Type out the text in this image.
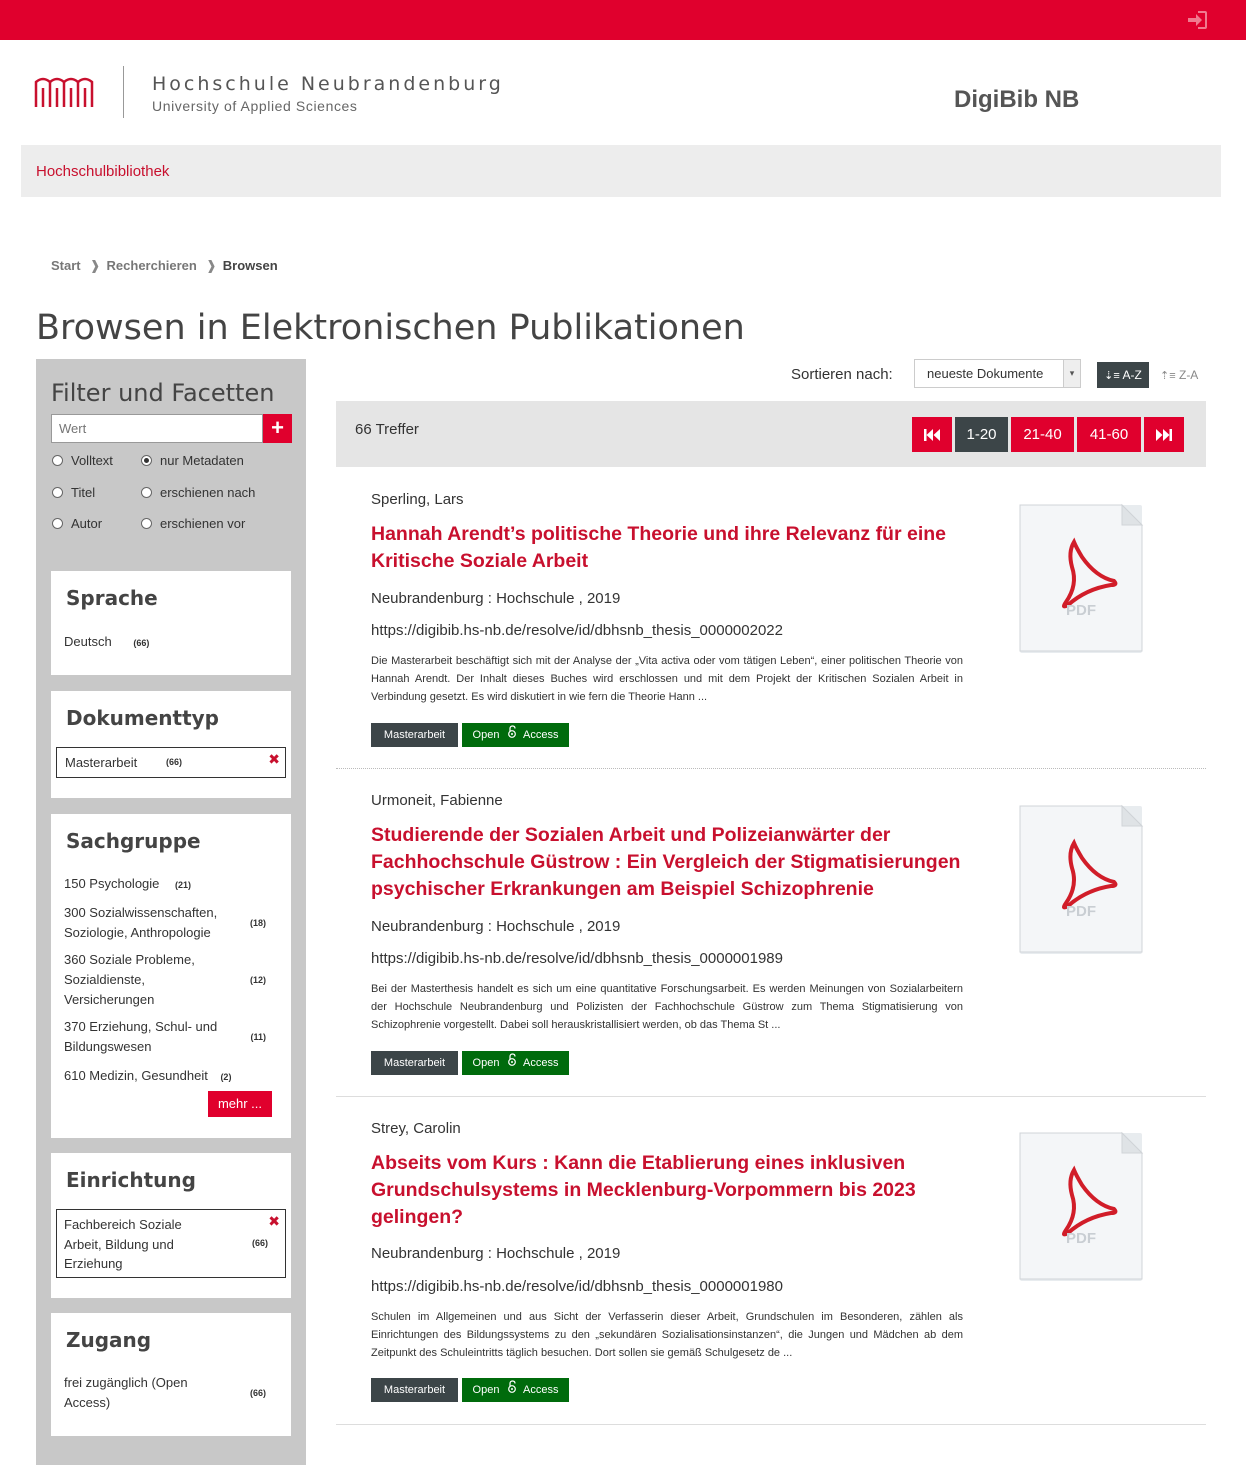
Hochschule Neubrandenburg
University of Applied Sciences	DigiBib NB
Hochschulbibliothek
Start ❱ Recherchieren ❱ Browsen
Browsen in Elektronischen Publikationen
Filter und Facetten
Wert
+
Volltext	nur Metadaten
Titel	erschienen nach
Autor	erschienen vor
Sprache
Deutsch (66)
Dokumenttyp
Masterarbeit	(66)	✖
Sachgruppe
150 Psychologie (21)
300 Sozialwissenschaften, Soziologie, Anthropologie
(18)
360 Soziale Probleme, Sozialdienste, Versicherungen
(12)
370 Erziehung, Schul- und Bildungswesen
(11)
610 Medizin, Gesundheit (2)
mehr ...
Einrichtung
Fachbereich Soziale Arbeit, Bildung und Erziehung
(66)
✖
Zugang
frei zugänglich (Open Access)
(66)
Sortieren nach:	neueste Dokumente	▾	⇣≡ A-Z	⇡≡ Z-A
66 Treffer	1-20	21-40	41-60
Sperling, Lars
Hannah Arendt’s politische Theorie und ihre Relevanz für eine Kritische Soziale Arbeit
Neubrandenburg : Hochschule , 2019
https://digibib.hs-nb.de/resolve/id/dbhsnb_thesis_0000002022
Die Masterarbeit beschäftigt sich mit der Analyse der „Vita activa oder vom tätigen Leben“, einer politischen Theorie von Hannah Arendt. Der Inhalt dieses Buches wird erschlossen und mit dem Projekt der Kritischen Sozialen Arbeit in Verbindung gesetzt. Es wird diskutiert in wie fern die Theorie Hann ...
Masterarbeit	Open Access
PDF
Urmoneit, Fabienne
Studierende der Sozialen Arbeit und Polizeianwärter der Fachhochschule Güstrow : Ein Vergleich der Stigmatisierungen psychischer Erkrankungen am Beispiel Schizophrenie
Neubrandenburg : Hochschule , 2019
https://digibib.hs-nb.de/resolve/id/dbhsnb_thesis_0000001989
Bei der Masterthesis handelt es sich um eine quantitative Forschungsarbeit. Es werden Meinungen von Sozialarbeitern der Hochschule Neubrandenburg und Polizisten der Fachhochschule Güstrow zum Thema Stigmatisierung von Schizophrenie vorgestellt. Dabei soll herauskristallisiert werden, ob das Thema St ...
Masterarbeit	Open Access
PDF
Strey, Carolin
Abseits vom Kurs : Kann die Etablierung eines inklusiven Grundschulsystems in Mecklenburg-Vorpommern bis 2023 gelingen?
Neubrandenburg : Hochschule , 2019
https://digibib.hs-nb.de/resolve/id/dbhsnb_thesis_0000001980
Schulen im Allgemeinen und aus Sicht der Verfasserin dieser Arbeit, Grundschulen im Besonderen, zählen als Einrichtungen des Bildungssystems zu den „sekundären Sozialisationsinstanzen“, die Jungen und Mädchen ab dem Zeitpunkt des Schuleintritts täglich besuchen. Dort sollen sie gemäß Schulgesetz de ...
Masterarbeit	Open Access
PDF
